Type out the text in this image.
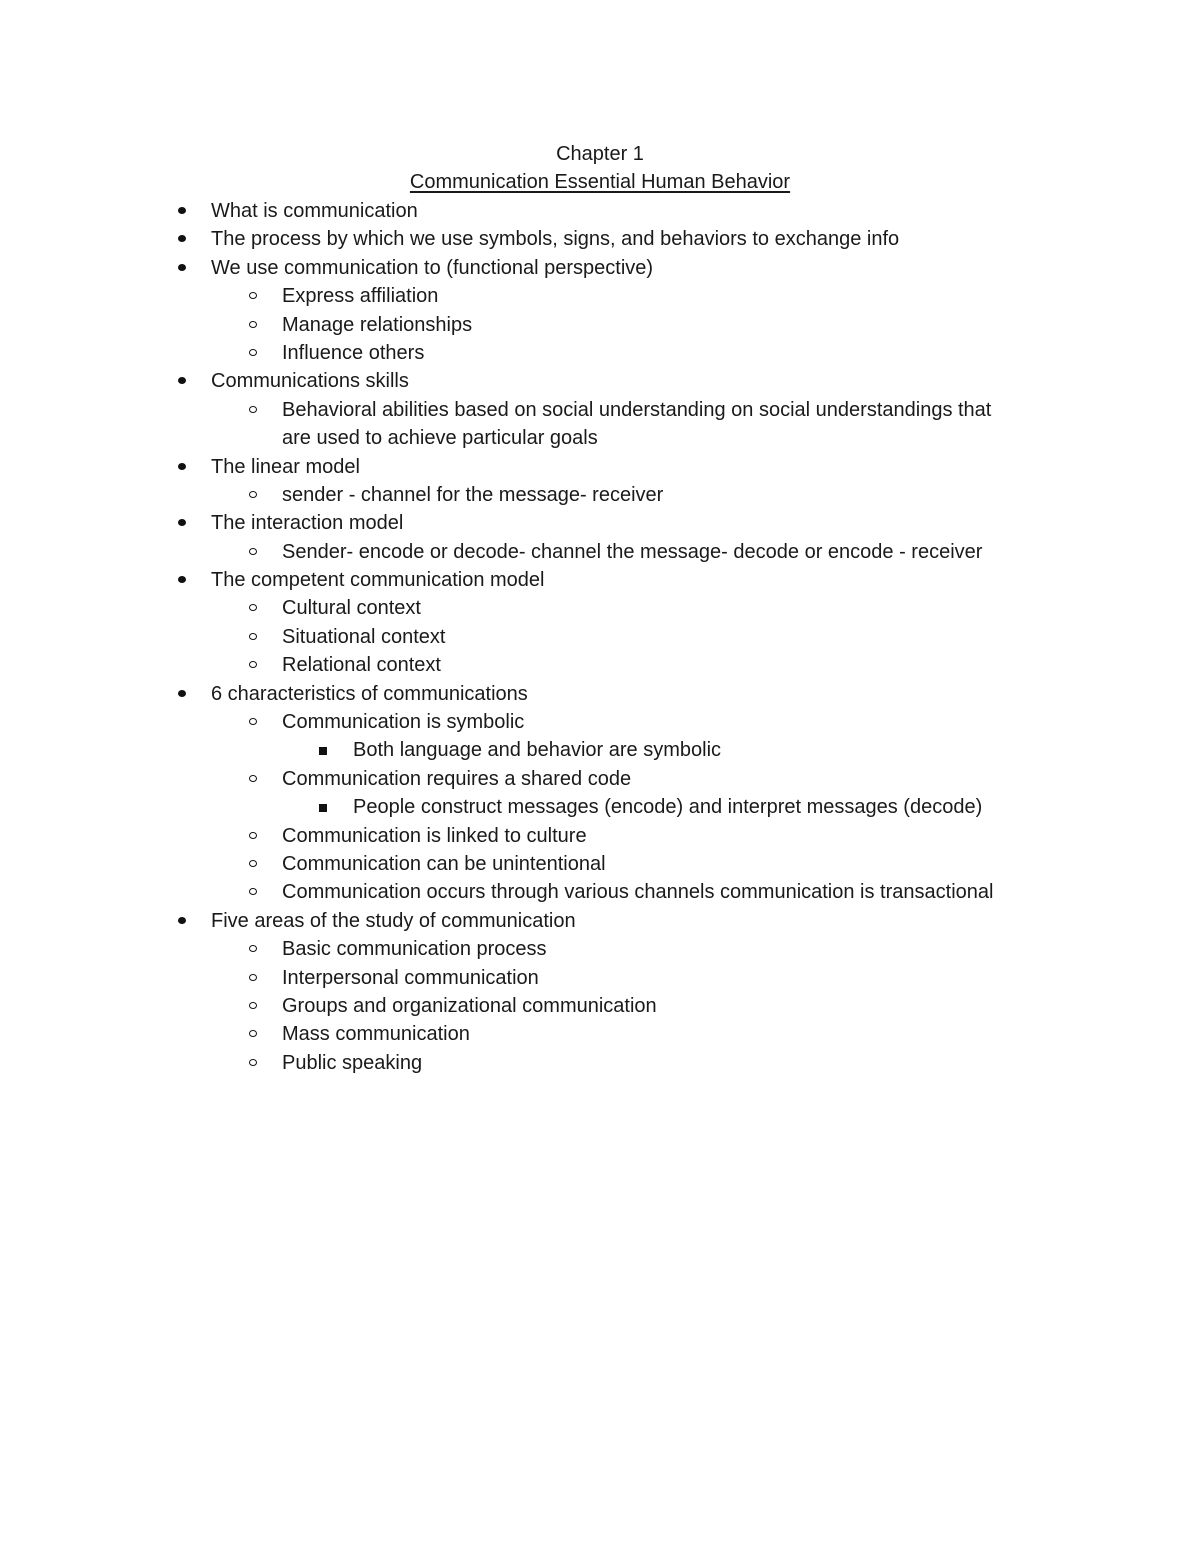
Chapter 1
Communication Essential Human Behavior
What is communication
The process by which we use symbols, signs, and behaviors to exchange info
We use communication to (functional perspective)
Express affiliation
Manage relationships
Influence others
Communications skills
Behavioral abilities based on social understanding on social understandings that
are used to achieve particular goals
The linear model
sender - channel for the message- receiver
The interaction model
Sender- encode or decode- channel the message- decode or encode - receiver
The competent communication model
Cultural context
Situational context
Relational context
6 characteristics of communications
Communication is symbolic
Both language and behavior are symbolic
Communication requires a shared code
People construct messages (encode) and interpret messages (decode)
Communication is linked to culture
Communication can be unintentional
Communication occurs through various channels communication is transactional
Five areas of the study of communication
Basic communication process
Interpersonal communication
Groups and organizational communication
Mass communication
Public speaking
